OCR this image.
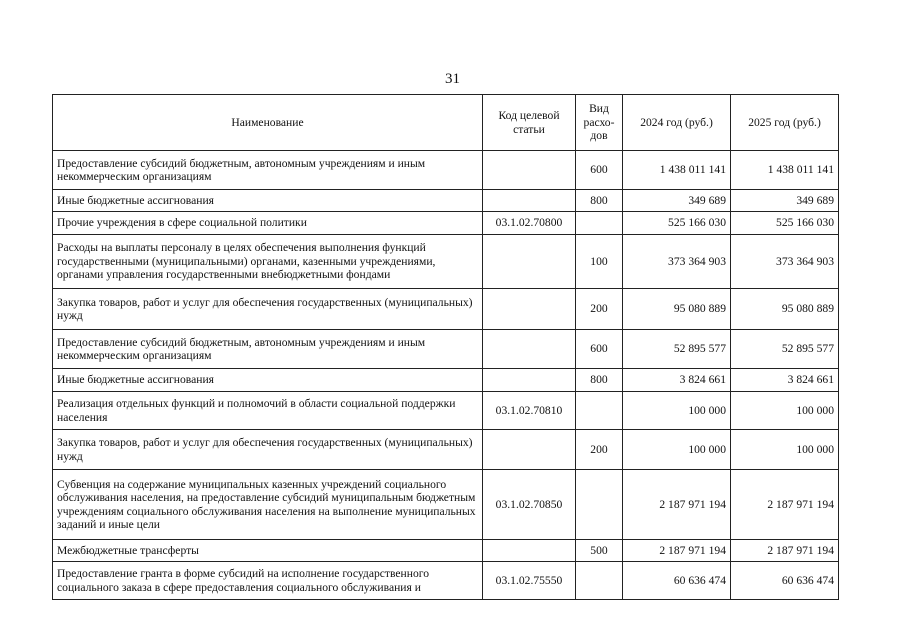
31
Наименование	Код целевой статьи	Вид расхо-дов	2024 год (руб.)	2025 год (руб.)
Предоставление субсидий бюджетным, автономным учреждениям и иным некоммерческим организациям		600	1 438 011 141	1 438 011 141
Иные бюджетные ассигнования		800	349 689	349 689
Прочие учреждения в сфере социальной политики	03.1.02.70800		525 166 030	525 166 030
Расходы на выплаты персоналу в целях обеспечения выполнения функций государственными (муниципальными) органами, казенными учреждениями, органами управления государственными внебюджетными фондами		100	373 364 903	373 364 903
Закупка товаров, работ и услуг для обеспечения государственных (муниципальных) нужд		200	95 080 889	95 080 889
Предоставление субсидий бюджетным, автономным учреждениям и иным некоммерческим организациям		600	52 895 577	52 895 577
Иные бюджетные ассигнования		800	3 824 661	3 824 661
Реализация отдельных функций и полномочий в области социальной поддержки населения	03.1.02.70810		100 000	100 000
Закупка товаров, работ и услуг для обеспечения государственных (муниципальных) нужд		200	100 000	100 000
Субвенция на содержание муниципальных казенных учреждений социального обслуживания населения, на предоставление субсидий муниципальным бюджетным учреждениям социального обслуживания населения на выполнение муниципальных заданий и иные цели	03.1.02.70850		2 187 971 194	2 187 971 194
Межбюджетные трансферты		500	2 187 971 194	2 187 971 194
Предоставление гранта в форме субсидий на исполнение государственного социального заказа в сфере предоставления социального обслуживания и	03.1.02.75550		60 636 474	60 636 474
